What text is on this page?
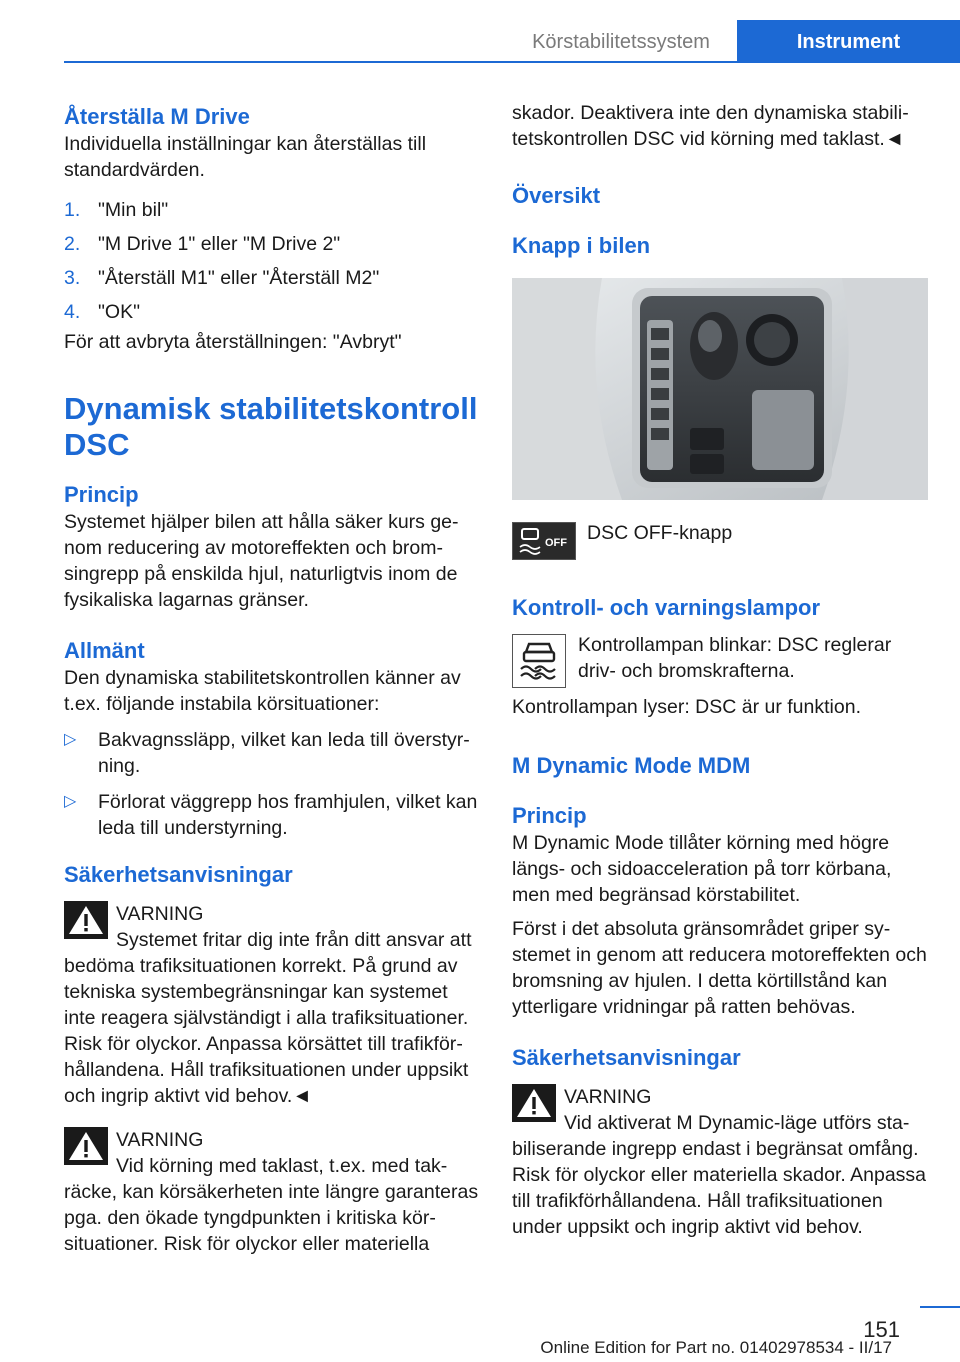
Körstabilitetssystem	Instrument
Återställa M Drive

Individuella inställningar kan återställas till standardvärden.

1. "Min bil"
2. "M Drive 1" eller "M Drive 2"
3. "Återställ M1" eller "Återställ M2"
4. "OK"

För att avbryta återställningen: "Avbryt"

Dynamisk stabilitetskontroll DSC
Princip

Systemet hjälper bilen att hålla säker kurs genom reducering av motoreffekten och bromsingrepp på enskilda hjul, naturligtvis inom de fysikaliska lagarnas gränser.

Allmänt

Den dynamiska stabilitetskontrollen känner av t.ex. följande instabila körsituationer:

▷ Bakvagnssläpp, vilket kan leda till överstyrning.
▷ Förlorat väggrepp hos framhjulen, vilket kan leda till understyrning.
Säkerhetsanvisningar
VARNING
Systemet fritar dig inte från ditt ansvar att bedöma trafiksituationen korrekt. På grund av tekniska systembegränsningar kan systemet inte reagera självständigt i alla trafiksituationer. Risk för olyckor. Anpassa körsättet till trafikförhållandena. Håll trafiksituationen under uppsikt och ingrip aktivt vid behov.◄
VARNING
Vid körning med taklast, t.ex. med takräcke, kan körsäkerheten inte längre garanteras pga. den ökade tyngdpunkten i kritiska körsituationer. Risk för olyckor eller materiella

skador. Deaktivera inte den dynamiska stabilitetskontrollen DSC vid körning med taklast.◄

Översikt
Knapp i bilen
OFF DSC OFF-knapp
Kontroll- och varningslampor

Kontrollampan blinkar: DSC reglerar driv- och bromskrafterna.

Kontrollampan lyser: DSC är ur funktion.

M Dynamic Mode MDM
Princip

M Dynamic Mode tillåter körning med högre längs- och sidoacceleration på torr körbana, men med begränsad körstabilitet.

Först i det absoluta gränsområdet griper systemet in genom att reducera motoreffekten och bromsning av hjulen. I detta körtillstånd kan ytterligare vridningar på ratten behövas.

Säkerhetsanvisningar
VARNING
Vid aktiverat M Dynamic-läge utförs stabiliserande ingrepp endast i begränsat omfång. Risk för olyckor eller materiella skador. Anpassa till trafikförhållandena. Håll trafiksituationen under uppsikt och ingrip aktivt vid behov.
151
Online Edition for Part no. 01402978534 - II/17
